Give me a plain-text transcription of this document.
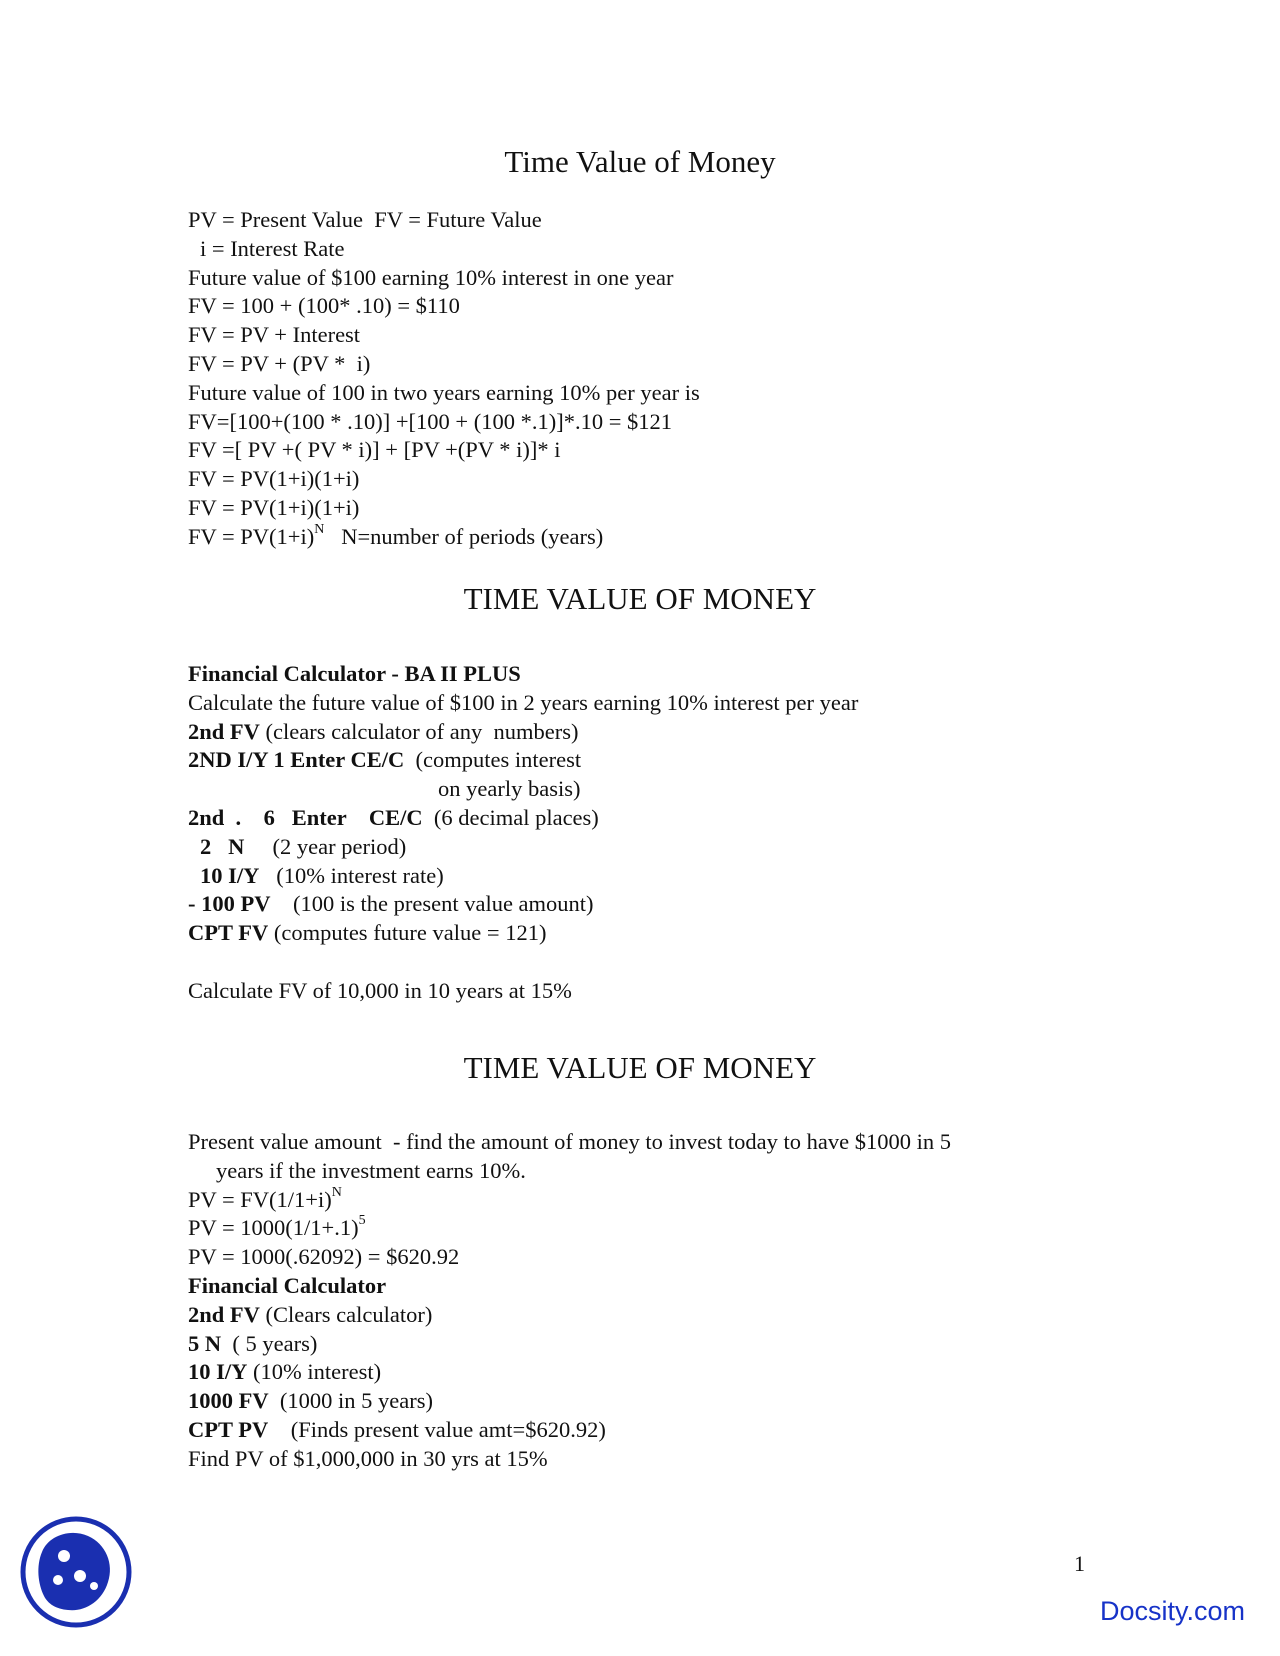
Time Value of Money
PV = Present Value  FV = Future Value
i = Interest Rate
Future value of $100 earning 10% interest in one year
FV = 100 + (100* .10) = $110
FV = PV + Interest
FV = PV + (PV *  i)
Future value of 100 in two years earning 10% per year is
FV=[100+(100 * .10)] +[100 + (100 *.1)]*.10 = $121
FV =[ PV +( PV * i)] + [PV +(PV * i)]* i
FV = PV(1+i)(1+i)
FV = PV(1+i)(1+i)
FV = $PV(1+i)^N$ N=number of periods (years)
TIME VALUE OF MONEY
Financial Calculator - BA II PLUS
Calculate the future value of $100 in 2 years earning 10% interest per year
2nd FV (clears calculator of any  numbers)
2ND I/Y 1 Enter CE/C  (computes interest
on yearly basis)
2nd  .    6   Enter    CE/C  (6 decimal places)
2   N     (2 year period)
10 I/Y   (10% interest rate)
- 100 PV    (100 is the present value amount)
CPT FV (computes future value = 121)
Calculate FV of 10,000 in 10 years at 15%
TIME VALUE OF MONEY
Present value amount  - find the amount of money to invest today to have $1000 in 5
years if the investment earns 10%.
PV = $FV(1/1+i)^N$
PV = $1000(1/1+.1)^5$
PV = 1000(.62092) = $620.92
Financial Calculator
2nd FV (Clears calculator)
5 N  ( 5 years)
10 I/Y (10% interest)
1000 FV  (1000 in 5 years)
CPT PV    (Finds present value amt=$620.92)
Find PV of $1,000,000 in 30 yrs at 15%
1
Docsity.com
